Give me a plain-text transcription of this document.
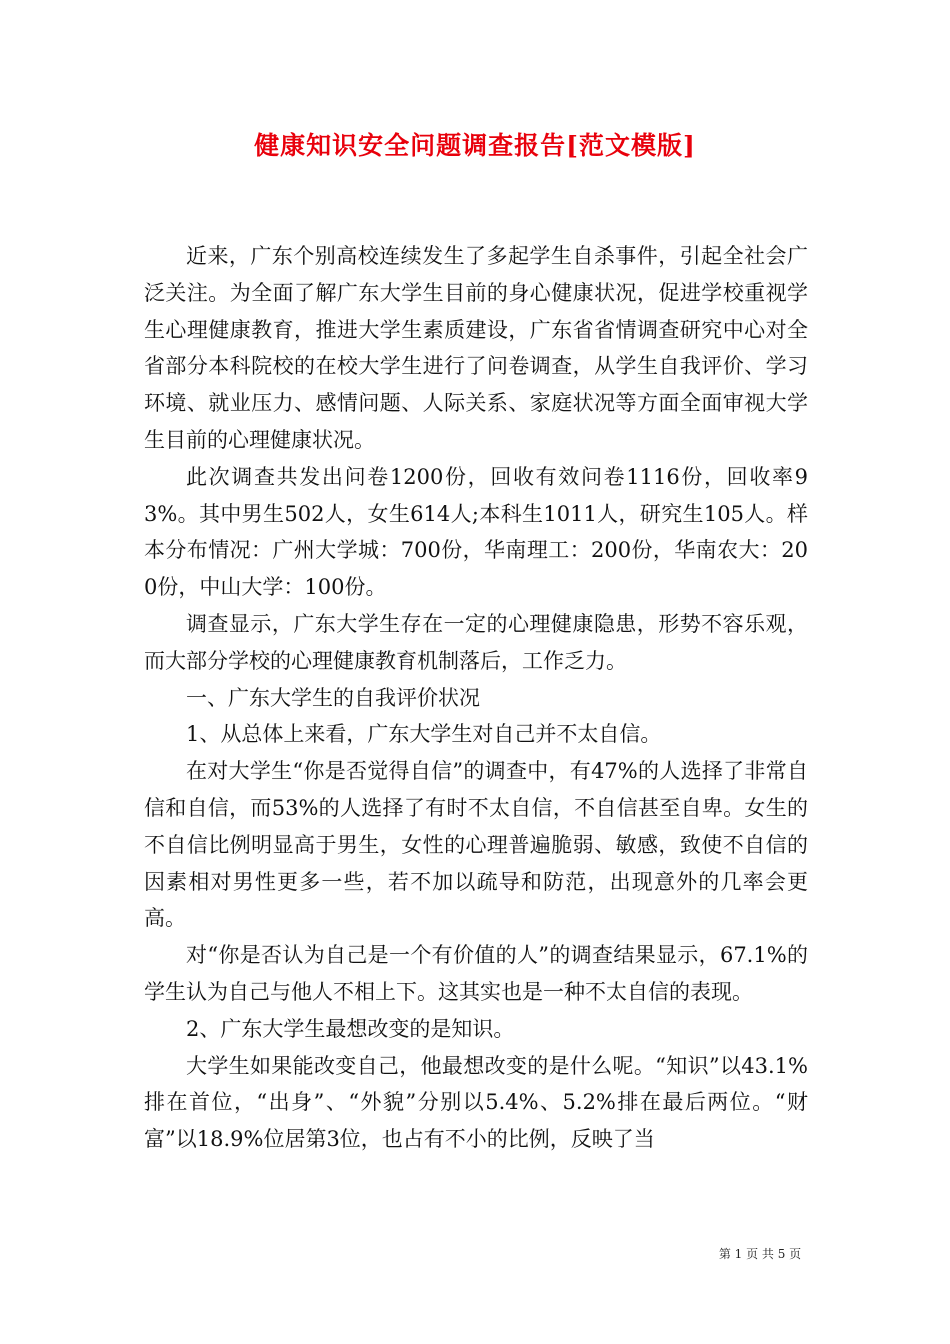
健康知识安全问题调查报告[范文模版]

近来，广东个别高校连续发生了多起学生自杀事件，引起全社会广泛关注。为全面了解广东大学生目前的身心健康状况，促进学校重视学生心理健康教育，推进大学生素质建设，广东省省情调查研究中心对全省部分本科院校的在校大学生进行了问卷调查，从学生自我评价、学习环境、就业压力、感情问题、人际关系、家庭状况等方面全面审视大学生目前的心理健康状况。

此次调查共发出问卷1200份，回收有效问卷1116份，回收率93%。其中男生502人，女生614人;本科生1011人，研究生105人。样本分布情况：广州大学城：700份，华南理工：200份，华南农大：200份，中山大学：100份。

调查显示，广东大学生存在一定的心理健康隐患，形势不容乐观，而大部分学校的心理健康教育机制落后，工作乏力。

一、广东大学生的自我评价状况

1、从总体上来看，广东大学生对自己并不太自信。

在对大学生“你是否觉得自信”的调查中，有47%的人选择了非常自信和自信，而53%的人选择了有时不太自信，不自信甚至自卑。女生的不自信比例明显高于男生，女性的心理普遍脆弱、敏感，致使不自信的因素相对男性更多一些，若不加以疏导和防范，出现意外的几率会更高。

对“你是否认为自己是一个有价值的人”的调查结果显示，67.1%的学生认为自己与他人不相上下。这其实也是一种不太自信的表现。

2、广东大学生最想改变的是知识。

大学生如果能改变自己，他最想改变的是什么呢。“知识”以43.1%排在首位，“出身”、“外貌”分别以5.4%、5.2%排在最后两位。“财富”以18.9%位居第3位，也占有不小的比例，反映了当

第 1 页 共 5 页
